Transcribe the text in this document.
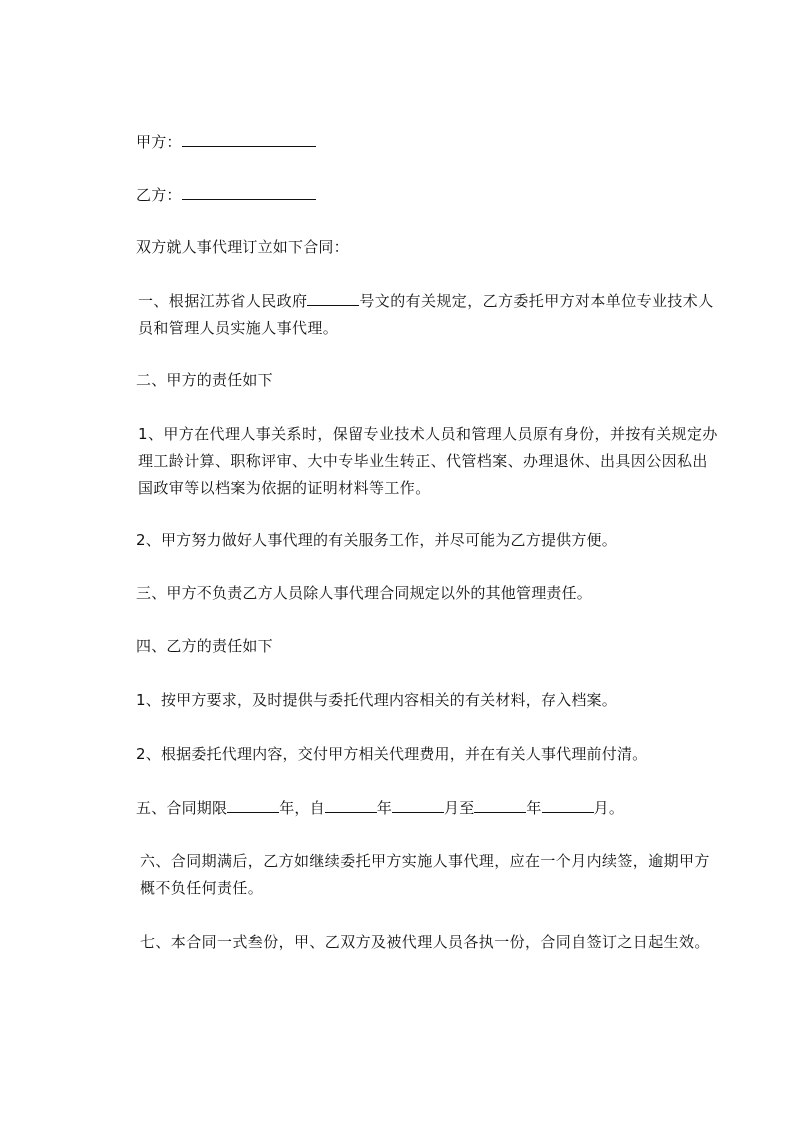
甲方：
乙方：
双方就人事代理订立如下合同：
一、根据江苏省人民政府	号文的有关规定，乙方委托甲方对本单位专业技术人员和管理人员实施人事代理。
二、甲方的责任如下
1、甲方在代理人事关系时，保留专业技术人员和管理人员原有身份，并按有关规定办理工龄计算、职称评审、大中专毕业生转正、代管档案、办理退休、出具因公因私出国政审等以档案为依据的证明材料等工作。
2、甲方努力做好人事代理的有关服务工作，并尽可能为乙方提供方便。
三、甲方不负责乙方人员除人事代理合同规定以外的其他管理责任。
四、乙方的责任如下
1、按甲方要求，及时提供与委托代理内容相关的有关材料，存入档案。
2、根据委托代理内容，交付甲方相关代理费用，并在有关人事代理前付清。
五、合同期限	年，自	年	月至	年	月。
六、合同期满后，乙方如继续委托甲方实施人事代理，应在一个月内续签，逾期甲方概不负任何责任。
七、本合同一式叁份，甲、乙双方及被代理人员各执一份，合同自签订之日起生效。
